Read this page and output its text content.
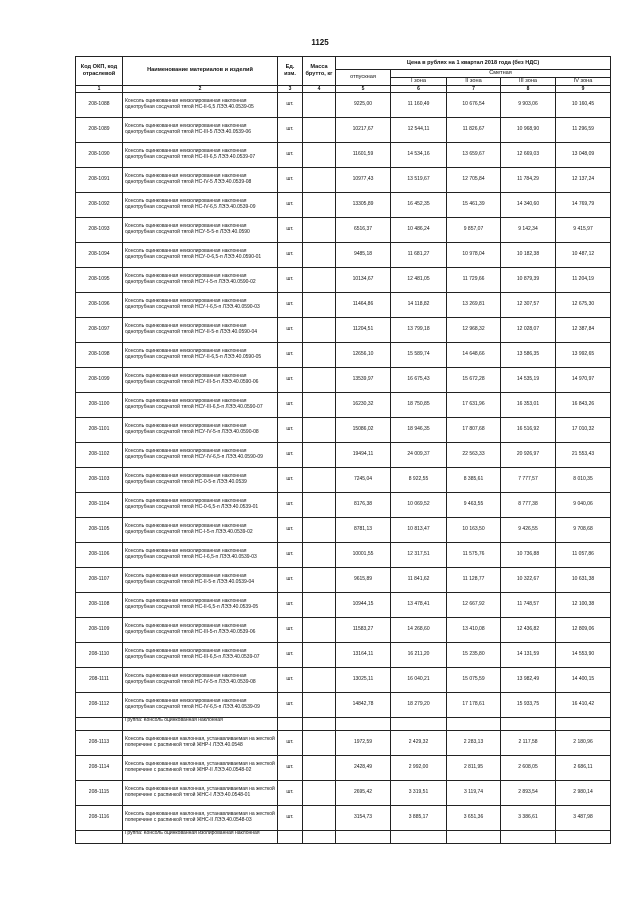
1125
Код ОКП, код отраслевой	Наименование материалов и изделий	Ед. изм.	Масса брутто, кг	Цена в рублях на 1 квартал 2018 года (без НДС)				
				отпускная	Сметная			
					I зона	II зона	III зона	IV зона
1	2	3	4	5	6	7	8	9
208-1088	Консоль оцинкованная неизолированная наклонная однотрубная сосдчатой тягой НС-II-6,5 ЛЭЭ.40.0539-05	шт.		9225,00	11 160,49	10 676,54	9 903,06	10 160,45
208-1089	Консоль оцинкованная неизолированная наклонная однотрубная сосдчатой тягой НС-III-5 ЛЭЭ.40.0539-06	шт.		10217,67	12 544,11	11 826,67	10 968,90	11 296,59
208-1090	Консоль оцинкованная неизолированная наклонная однотрубная сосдчатой тягой НС-III-6,5 ЛЭЭ.40.0539-07	шт.		11601,59	14 534,16	13 659,67	12 669,03	13 048,09
208-1091	Консоль оцинкованная неизолированная наклонная однотрубная сосдчатой тягой НС-IV-5 ЛЭЭ.40.0539-08	шт.		10977,43	13 519,67	12 705,84	11 784,29	12 137,24
208-1092	Консоль оцинкованная неизолированная наклонная однотрубная сосдчатой тягой НС-IV-6,5 ЛЭЭ.40.0539-09	шт.		13305,89	16 452,35	15 461,39	14 340,60	14 769,79
208-1093	Консоль оцинкованная неизолированная наклонная однотрубная сосдчатой тягой НСУ-5-5-п ЛЭЭ.40.0590	шт.		6516,37	10 486,24	9 857,07	9 142,34	9 415,97
208-1094	Консоль оцинкованная неизолированная наклонная однотрубная сосдчатой тягой НСУ-0-6,5-п ЛЭЭ.40.0590-01	шт.		9485,18	11 681,27	10 978,04	10 182,38	10 487,12
208-1095	Консоль оцинкованная неизолированная наклонная однотрубная сосдчатой тягой НСУ-I-5-п ЛЭЭ.40.0590-02	шт.		10134,67	12 481,05	11 729,66	10 879,39	11 204,19
208-1096	Консоль оцинкованная неизолированная наклонная однотрубная сосдчатой тягой НСУ-I-6,5-п ЛЭЭ.40.0590-03	шт.		11464,86	14 118,82	13 269,81	12 307,57	12 675,30
208-1097	Консоль оцинкованная неизолированная наклонная однотрубная сосдчатой тягой НСУ-II-5-п ЛЭЭ.40.0590-04	шт.		11204,51	13 799,18	12 968,32	12 028,07	12 387,84
208-1098	Консоль оцинкованная неизолированная наклонная однотрубная сосдчатой тягой НСУ-II-6,5-п ЛЭЭ.40.0590-05	шт.		12656,10	15 589,74	14 648,66	13 586,35	13 992,65
208-1099	Консоль оцинкованная неизолированная наклонная однотрубная сосдчатой тягой НСУ-III-5-п ЛЭЭ.40.0590-06	шт.		13539,97	16 675,43	15 672,28	14 535,19	14 970,97
208-1100	Консоль оцинкованная неизолированная наклонная однотрубная сосдчатой тягой НСУ-III-6,5-п ЛЭЭ.40.0590-07	шт.		16230,32	18 750,85	17 631,96	16 353,01	16 843,26
208-1101	Консоль оцинкованная неизолированная наклонная однотрубная сосдчатой тягой НСУ-IV-5-п ЛЭЭ.40.0590-08	шт.		15086,02	18 946,35	17 807,68	16 516,92	17 010,32
208-1102	Консоль оцинкованная неизолированная наклонная однотрубная сосдчатой тягой НСУ-IV-6,5-п ЛЭЭ.40.0590-09	шт.		19494,11	24 009,37	22 563,33	20 926,97	21 553,43
208-1103	Консоль оцинкованная неизолированная наклонная однотрубная сосдчатой тягой НС-0-5-п ЛЭЭ.40.0539	шт.		7245,04	8 922,55	8 385,61	7 777,57	8 010,35
208-1104	Консоль оцинкованная неизолированная наклонная однотрубная сосдчатой тягой НС-0-6,5-п ЛЭЭ.40.0539-01	шт.		8176,38	10 069,52	9 463,55	8 777,38	9 040,06
208-1105	Консоль оцинкованная неизолированная наклонная однотрубная сосдчатой тягой НС-I-5-п ЛЭЭ.40.0539-02	шт.		8781,13	10 813,47	10 163,50	9 426,55	9 708,68
208-1106	Консоль оцинкованная неизолированная наклонная однотрубная сосдчатой тягой НС-I-6,5-п ЛЭЭ.40.0539-03	шт.		10001,55	12 317,51	11 575,76	10 736,88	11 057,86
208-1107	Консоль оцинкованная неизолированная наклонная однотрубная сосдчатой тягой НС-II-5-п ЛЭЭ.40.0539-04	шт.		9615,89	11 841,62	11 128,77	10 322,67	10 631,38
208-1108	Консоль оцинкованная неизолированная наклонная однотрубная сосдчатой тягой НС-II-6,5-п ЛЭЭ.40.0539-05	шт.		10944,15	13 478,41	12 667,92	11 748,57	12 100,38
208-1109	Консоль оцинкованная неизолированная наклонная однотрубная сосдчатой тягой НС-III-5-п ЛЭЭ.40.0539-06	шт.		11583,27	14 268,60	13 410,08	12 436,82	12 809,06
208-1110	Консоль оцинкованная неизолированная наклонная однотрубная сосдчатой тягой НС-III-6,5-п ЛЭЭ.40.0539-07	шт.		13164,11	16 211,20	15 235,80	14 131,59	14 553,90
208-1111	Консоль оцинкованная неизолированная наклонная однотрубная сосдчатой тягой НС-IV-5-п ЛЭЭ.40.0539-08	шт.		13025,11	16 040,21	15 075,59	13 982,49	14 400,15
208-1112	Консоль оцинкованная неизолированная наклонная однотрубная сосдчатой тягой НС-IV-6,5-п ЛЭЭ.40.0539-09	шт.		14842,78	18 279,20	17 178,61	15 933,75	16 410,42
	Группа: Консоль оцинкованная наклонная							
208-1113	Консоль оцинкованная наклонная, устанавливаемая на жесткой поперечине с распинкой тягой ЖНР-I ЛЭЭ.40.0548	шт.		1972,59	2 429,32	2 283,13	2 117,58	2 180,96
208-1114	Консоль оцинкованная наклонная, устанавливаемая на жесткой поперечине с распинкой тягой ЖНР-II ЛЭЭ.40.0548-02	шт.		2428,49	2 992,00	2 811,95	2 608,05	2 686,11
208-1115	Консоль оцинкованная наклонная, устанавливаемая на жесткой поперечине с распинкой тягой ЖНС-I ЛЭЭ.40.0548-01	шт.		2695,42	3 319,51	3 119,74	2 893,54	2 980,14
208-1116	Консоль оцинкованная наклонная, устанавливаемая на жесткой поперечине с распинкой тягой ЖНС-II ЛЭЭ.40.0548-03	шт.		3154,73	3 885,17	3 651,36	3 386,61	3 487,98
	Группа: Консоль оцинкованная изолированная наклонная							
